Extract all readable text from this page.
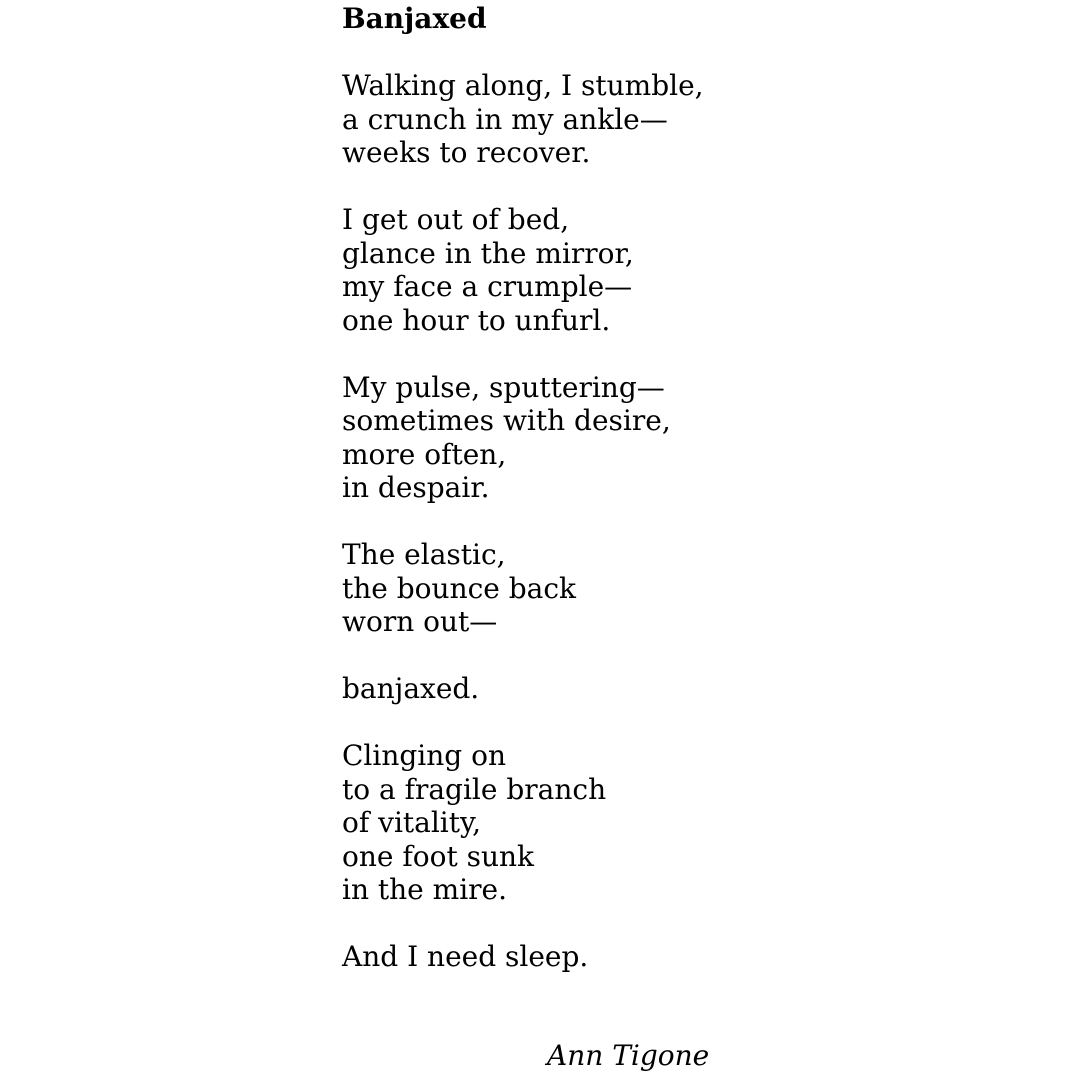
Banjaxed
Walking along, I stumble,
a crunch in my ankle—
weeks to recover.
I get out of bed,
glance in the mirror,
my face a crumple—
one hour to unfurl.
My pulse, sputtering—
sometimes with desire,
more often,
in despair.
The elastic,
the bounce back
worn out—
banjaxed.
Clinging on
to a fragile branch
of vitality,
one foot sunk
in the mire.
And I need sleep.
Ann Tigone
